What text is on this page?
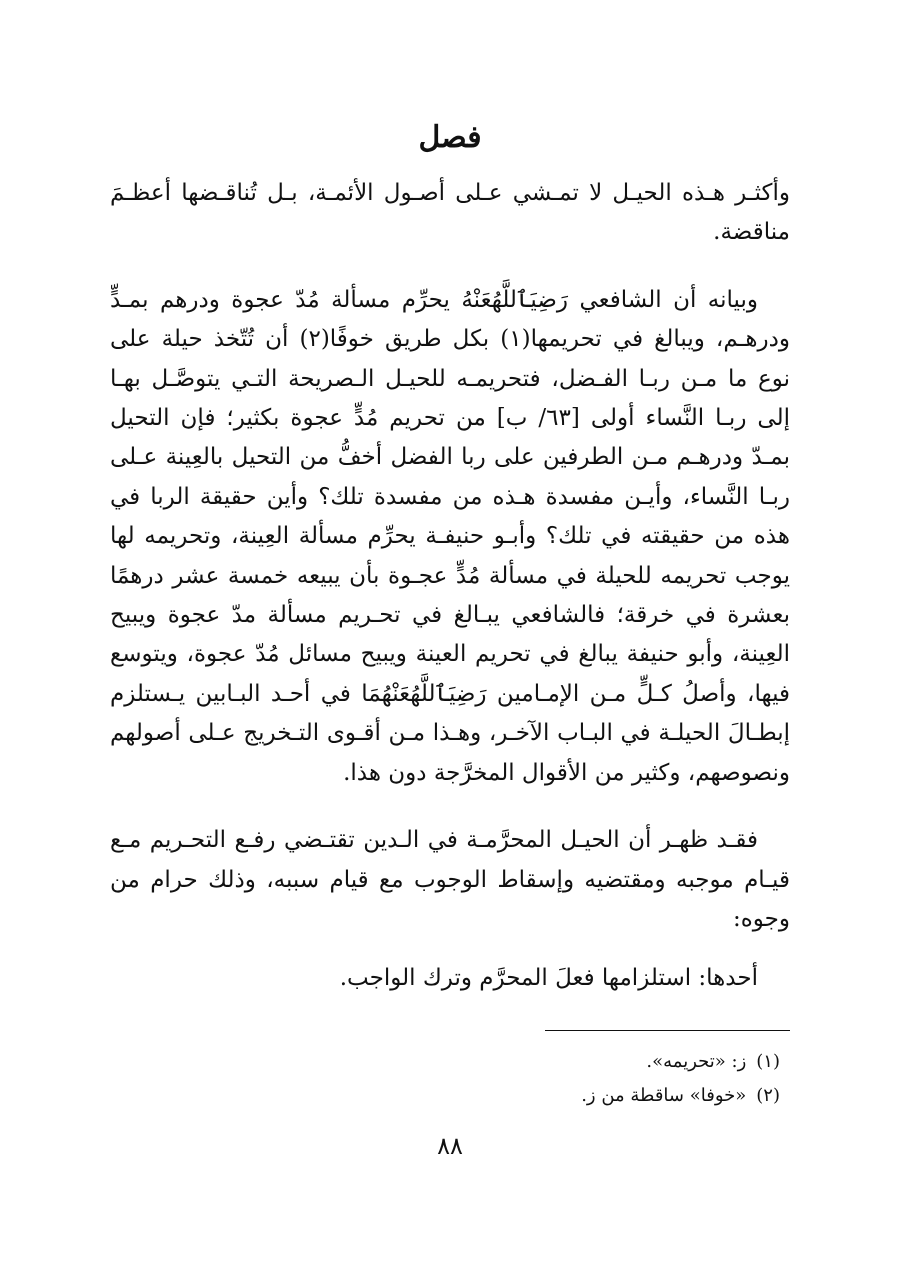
فصل

وأكثـر هـذه الحيـل لا تمـشي عـلى أصـول الأئمـة، بـل تُناقـضها أعظـمَ مناقضة.

وبيانه أن الشافعي رَضِيَٱللَّهُعَنْهُ يحرِّم مسألة مُدّ عجوة ودرهم بمـدٍّ ودرهـم، ويبالغ في تحريمها(١) بكل طريق خوفًا(٢) أن تُتّخذ حيلة على نوع ما مـن ربـا الفـضل، فتحريمـه للحيـل الـصريحة التـي يتوصَّـل بهـا إلى ربـا النَّساء أولى [٦٣/ ب] من تحريم مُدٍّ عجوة بكثير؛ فإن التحيل بمـدّ ودرهـم مـن الطرفين على ربا الفضل أخفُّ من التحيل بالعِينة عـلى ربـا النَّساء، وأيـن مفسدة هـذه من مفسدة تلك؟ وأين حقيقة الربا في هذه من حقيقته في تلك؟ وأبـو حنيفـة يحرِّم مسألة العِينة، وتحريمه لها يوجب تحريمه للحيلة في مسألة مُدٍّ عجـوة بأن يبيعه خمسة عشر درهمًا بعشرة في خرقة؛ فالشافعي يبـالغ في تحـريم مسألة مدّ عجوة ويبيح العِينة، وأبو حنيفة يبالغ في تحريم العينة ويبيح مسائل مُدّ عجوة، ويتوسع فيها، وأصلُ كـلٍّ مـن الإمـامين رَضِيَٱللَّهُعَنْهُمَا في أحـد البـابين يـستلزم إبطـالَ الحيلـة في البـاب الآخـر، وهـذا مـن أقـوى التـخريج عـلى أصولهم ونصوصهم، وكثير من الأقوال المخرَّجة دون هذا.

فقـد ظهـر أن الحيـل المحرَّمـة في الـدين تقتـضي رفـع التحـريم مـع قيـام موجبه ومقتضيه وإسقاط الوجوب مع قيام سببه، وذلك حرام من وجوه:

أحدها: استلزامها فعلَ المحرَّم وترك الواجب.

(١)ز: «تحريمه».
(٢)«خوفا» ساقطة من ز.
٨٨
